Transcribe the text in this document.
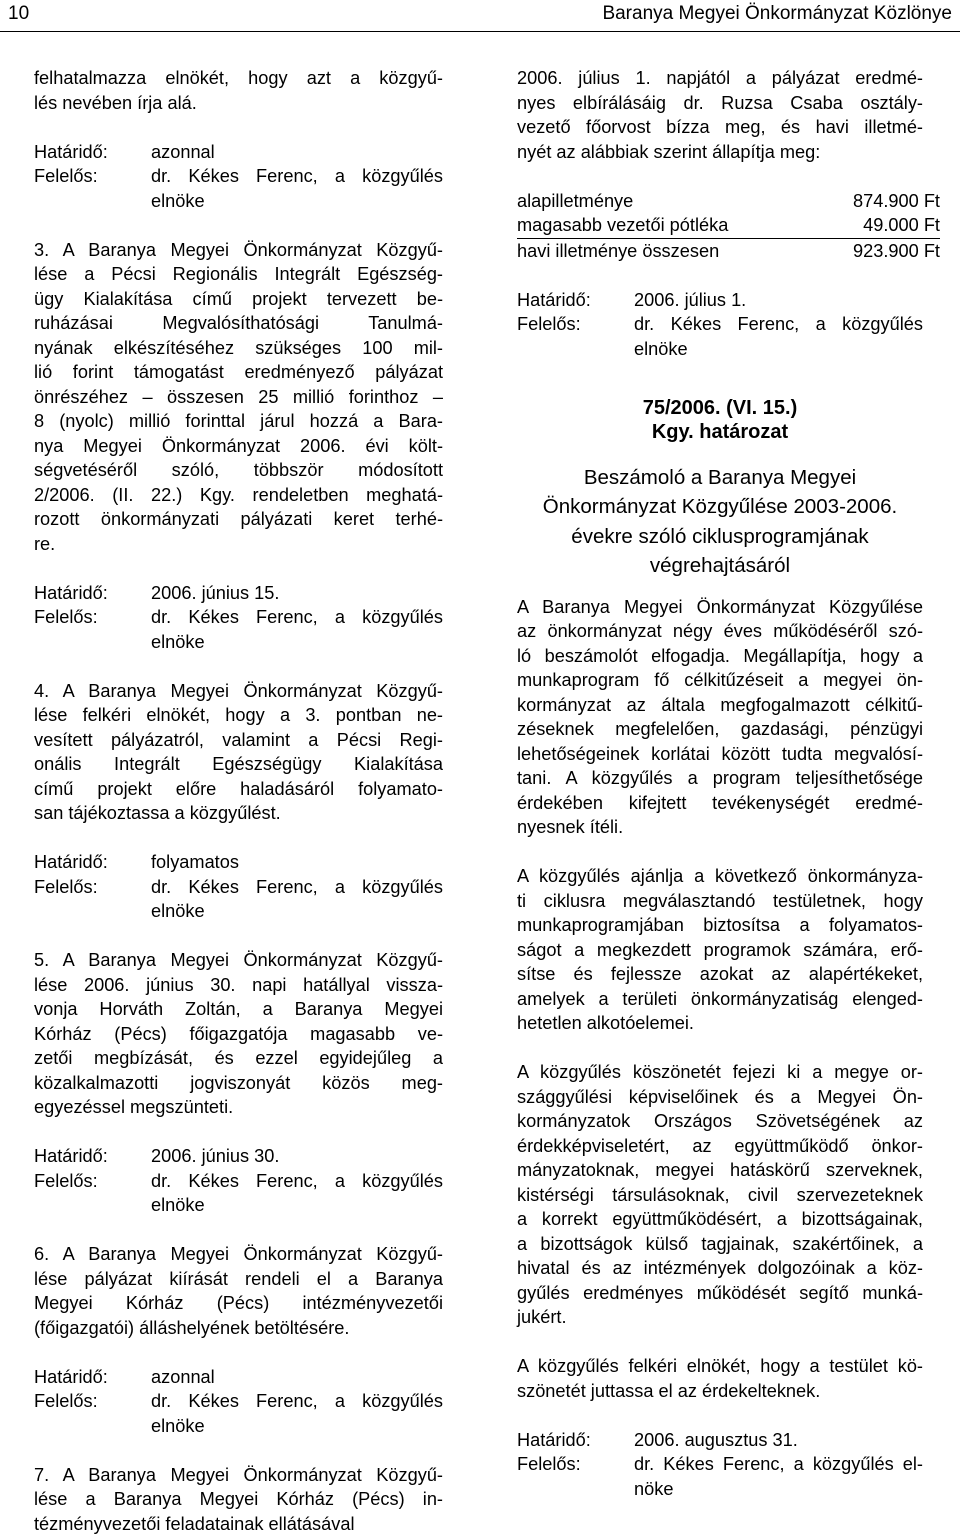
10	Baranya Megyei Önkormányzat Közlönye
felhatalmazza elnökét, hogy azt a közgyű-
lés nevében írja alá.
Határidő:	azonnal
Felelős:	dr. Kékes Ferenc, a közgyűlés
elnöke
3. A Baranya Megyei Önkormányzat Közgyű-
lése a Pécsi Regionális Integrált Egészség-
ügy Kialakítása című projekt tervezett be-
ruházásai Megvalósíthatósági Tanulmá-
nyának elkészítéséhez szükséges 100 mil-
lió forint támogatást eredményező pályázat
önrészéhez – összesen 25 millió forinthoz –
8 (nyolc) millió forinttal járul hozzá a Bara-
nya Megyei Önkormányzat 2006. évi költ-
ségvetéséről szóló, többször módosított
2/2006. (II. 22.) Kgy. rendeletben meghatá-
rozott önkormányzati pályázati keret terhé-
re.
Határidő:	2006. június 15.
Felelős:	dr. Kékes Ferenc, a közgyűlés
elnöke
4. A Baranya Megyei Önkormányzat Közgyű-
lése felkéri elnökét, hogy a 3. pontban ne-
vesített pályázatról, valamint a Pécsi Regi-
onális Integrált Egészségügy Kialakítása
című projekt előre haladásáról folyamato-
san tájékoztassa a közgyűlést.
Határidő:	folyamatos
Felelős:	dr. Kékes Ferenc, a közgyűlés
elnöke
5. A Baranya Megyei Önkormányzat Közgyű-
lése 2006. június 30. napi hatállyal vissza-
vonja Horváth Zoltán, a Baranya Megyei
Kórház (Pécs) főigazgatója magasabb ve-
zetői megbízását, és ezzel egyidejűleg a
közalkalmazotti jogviszonyát közös meg-
egyezéssel megszünteti.
Határidő:	2006. június 30.
Felelős:	dr. Kékes Ferenc, a közgyűlés
elnöke
6. A Baranya Megyei Önkormányzat Közgyű-
lése pályázat kiírását rendeli el a Baranya
Megyei Kórház (Pécs) intézményvezetői
(főigazgatói) álláshelyének betöltésére.
Határidő:	azonnal
Felelős:	dr. Kékes Ferenc, a közgyűlés
elnöke
7. A Baranya Megyei Önkormányzat Közgyű-
lése a Baranya Megyei Kórház (Pécs) in-
tézményvezetői feladatainak ellátásával
2006. július 1. napjától a pályázat eredmé-
nyes elbírálásáig dr. Ruzsa Csaba osztály-
vezető főorvost bízza meg, és havi illetmé-
nyét az alábbiak szerint állapítja meg:
alapilletménye	874.900 Ft
magasabb vezetői pótléka	49.000 Ft
havi illetménye összesen	923.900 Ft
Határidő:	2006. július 1.
Felelős:	dr. Kékes Ferenc, a közgyűlés
elnöke
75/2006. (VI. 15.)
Kgy. határozat
Beszámoló a Baranya Megyei
Önkormányzat Közgyűlése 2003-2006.
évekre szóló ciklusprogramjának
végrehajtásáról
A Baranya Megyei Önkormányzat Közgyűlése
az önkormányzat négy éves működéséről szó-
ló beszámolót elfogadja. Megállapítja, hogy a
munkaprogram fő célkitűzéseit a megyei ön-
kormányzat az általa megfogalmazott célkitű-
zéseknek megfelelően, gazdasági, pénzügyi
lehetőségeinek korlátai között tudta megvalósí-
tani. A közgyűlés a program teljesíthetősége
érdekében kifejtett tevékenységét eredmé-
nyesnek ítéli.
A közgyűlés ajánlja a következő önkormányza-
ti ciklusra megválasztandó testületnek, hogy
munkaprogramjában biztosítsa a folyamatos-
ságot a megkezdett programok számára, erő-
sítse és fejlessze azokat az alapértékeket,
amelyek a területi önkormányzatiság elenged-
hetetlen alkotóelemei.
A közgyűlés köszönetét fejezi ki a megye or-
szággyűlési képviselőinek és a Megyei Ön-
kormányzatok Országos Szövetségének az
érdekképviseletért, az együttműködő önkor-
mányzatoknak, megyei hatáskörű szerveknek,
kistérségi társulásoknak, civil szervezeteknek
a korrekt együttműködésért, a bizottságainak,
a bizottságok külső tagjainak, szakértőinek, a
hivatal és az intézmények dolgozóinak a köz-
gyűlés eredményes működését segítő munká-
jukért.
A közgyűlés felkéri elnökét, hogy a testület kö-
szönetét juttassa el az érdekelteknek.
Határidő:	2006. augusztus 31.
Felelős:	dr. Kékes Ferenc, a közgyűlés el-
nöke
